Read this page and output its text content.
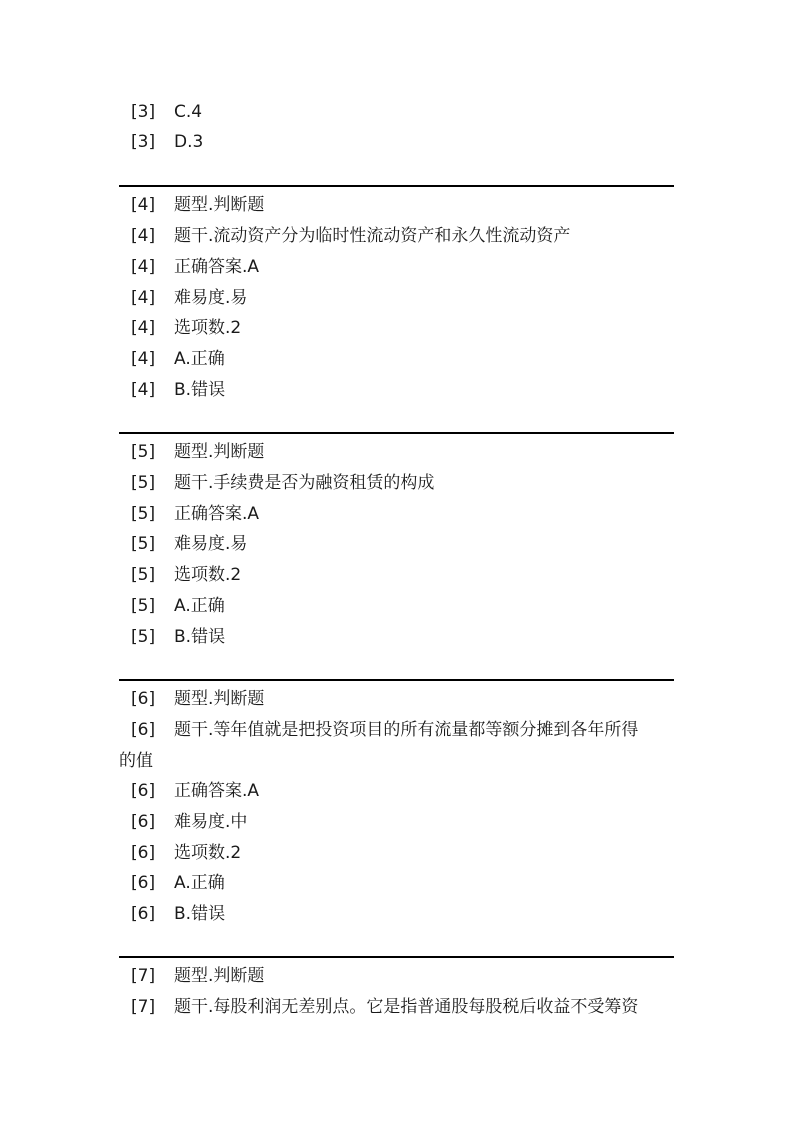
[3] C.4
[3] D.3
[4] 题型.判断题
[4] 题干.流动资产分为临时性流动资产和永久性流动资产
[4] 正确答案.A
[4] 难易度.易
[4] 选项数.2
[4] A.正确
[4] B.错误
[5] 题型.判断题
[5] 题干.手续费是否为融资租赁的构成
[5] 正确答案.A
[5] 难易度.易
[5] 选项数.2
[5] A.正确
[5] B.错误
[6] 题型.判断题
[6] 题干.等年值就是把投资项目的所有流量都等额分摊到各年所得
的值
[6] 正确答案.A
[6] 难易度.中
[6] 选项数.2
[6] A.正确
[6] B.错误
[7] 题型.判断题
[7] 题干.每股利润无差别点。它是指普通股每股税后收益不受筹资
